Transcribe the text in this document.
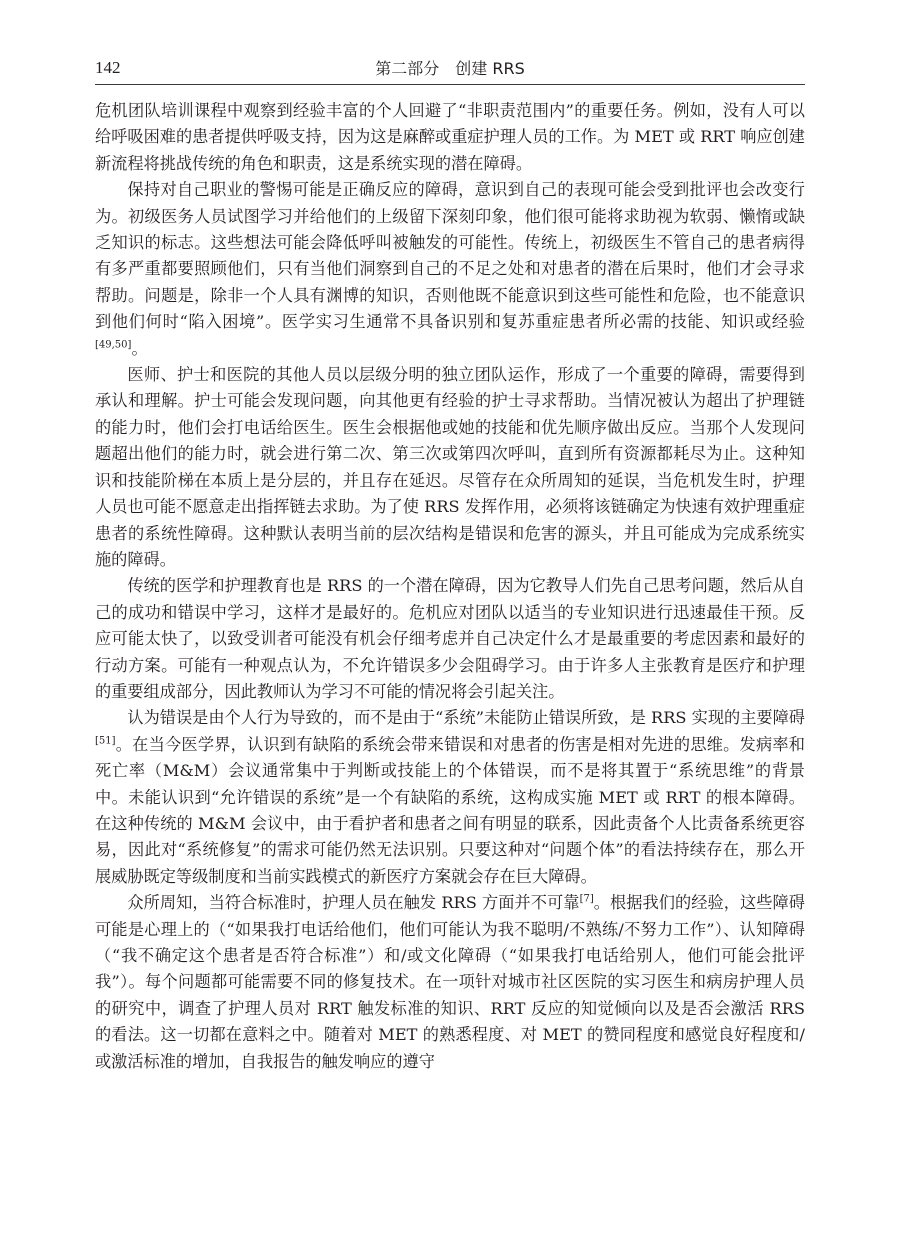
142	第二部分　创建 RRS

危机团队培训课程中观察到经验丰富的个人回避了“非职责范围内”的重要任务。例如，没有人可以给呼吸困难的患者提供呼吸支持，因为这是麻醉或重症护理人员的工作。为 MET 或 RRT 响应创建新流程将挑战传统的角色和职责，这是系统实现的潜在障碍。

保持对自己职业的警惕可能是正确反应的障碍，意识到自己的表现可能会受到批评也会改变行为。初级医务人员试图学习并给他们的上级留下深刻印象，他们很可能将求助视为软弱、懒惰或缺乏知识的标志。这些想法可能会降低呼叫被触发的可能性。传统上，初级医生不管自己的患者病得有多严重都要照顾他们，只有当他们洞察到自己的不足之处和对患者的潜在后果时，他们才会寻求帮助。问题是，除非一个人具有渊博的知识，否则他既不能意识到这些可能性和危险，也不能意识到他们何时“陷入困境”。医学实习生通常不具备识别和复苏重症患者所必需的技能、知识或经验[49,50]。

医师、护士和医院的其他人员以层级分明的独立团队运作，形成了一个重要的障碍，需要得到承认和理解。护士可能会发现问题，向其他更有经验的护士寻求帮助。当情况被认为超出了护理链的能力时，他们会打电话给医生。医生会根据他或她的技能和优先顺序做出反应。当那个人发现问题超出他们的能力时，就会进行第二次、第三次或第四次呼叫，直到所有资源都耗尽为止。这种知识和技能阶梯在本质上是分层的，并且存在延迟。尽管存在众所周知的延误，当危机发生时，护理人员也可能不愿意走出指挥链去求助。为了使 RRS 发挥作用，必须将该链确定为快速有效护理重症患者的系统性障碍。这种默认表明当前的层次结构是错误和危害的源头，并且可能成为完成系统实施的障碍。

传统的医学和护理教育也是 RRS 的一个潜在障碍，因为它教导人们先自己思考问题，然后从自己的成功和错误中学习，这样才是最好的。危机应对团队以适当的专业知识进行迅速最佳干预。反应可能太快了，以致受训者可能没有机会仔细考虑并自己决定什么才是最重要的考虑因素和最好的行动方案。可能有一种观点认为，不允许错误多少会阻碍学习。由于许多人主张教育是医疗和护理的重要组成部分，因此教师认为学习不可能的情况将会引起关注。

认为错误是由个人行为导致的，而不是由于“系统”未能防止错误所致，是 RRS 实现的主要障碍[51]。在当今医学界，认识到有缺陷的系统会带来错误和对患者的伤害是相对先进的思维。发病率和死亡率（M&M）会议通常集中于判断或技能上的个体错误，而不是将其置于“系统思维”的背景中。未能认识到“允许错误的系统”是一个有缺陷的系统，这构成实施 MET 或 RRT 的根本障碍。在这种传统的 M&M 会议中，由于看护者和患者之间有明显的联系，因此责备个人比责备系统更容易，因此对“系统修复”的需求可能仍然无法识别。只要这种对“问题个体”的看法持续存在，那么开展威胁既定等级制度和当前实践模式的新医疗方案就会存在巨大障碍。

众所周知，当符合标准时，护理人员在触发 RRS 方面并不可靠[7]。根据我们的经验，这些障碍可能是心理上的（“如果我打电话给他们，他们可能认为我不聪明/不熟练/不努力工作”）、认知障碍（“我不确定这个患者是否符合标准”）和/或文化障碍（“如果我打电话给别人，他们可能会批评我”）。每个问题都可能需要不同的修复技术。在一项针对城市社区医院的实习医生和病房护理人员的研究中，调查了护理人员对 RRT 触发标准的知识、RRT 反应的知觉倾向以及是否会激活 RRS 的看法。这一切都在意料之中。随着对 MET 的熟悉程度、对 MET 的赞同程度和感觉良好程度和/或激活标准的增加，自我报告的触发响应的遵守
